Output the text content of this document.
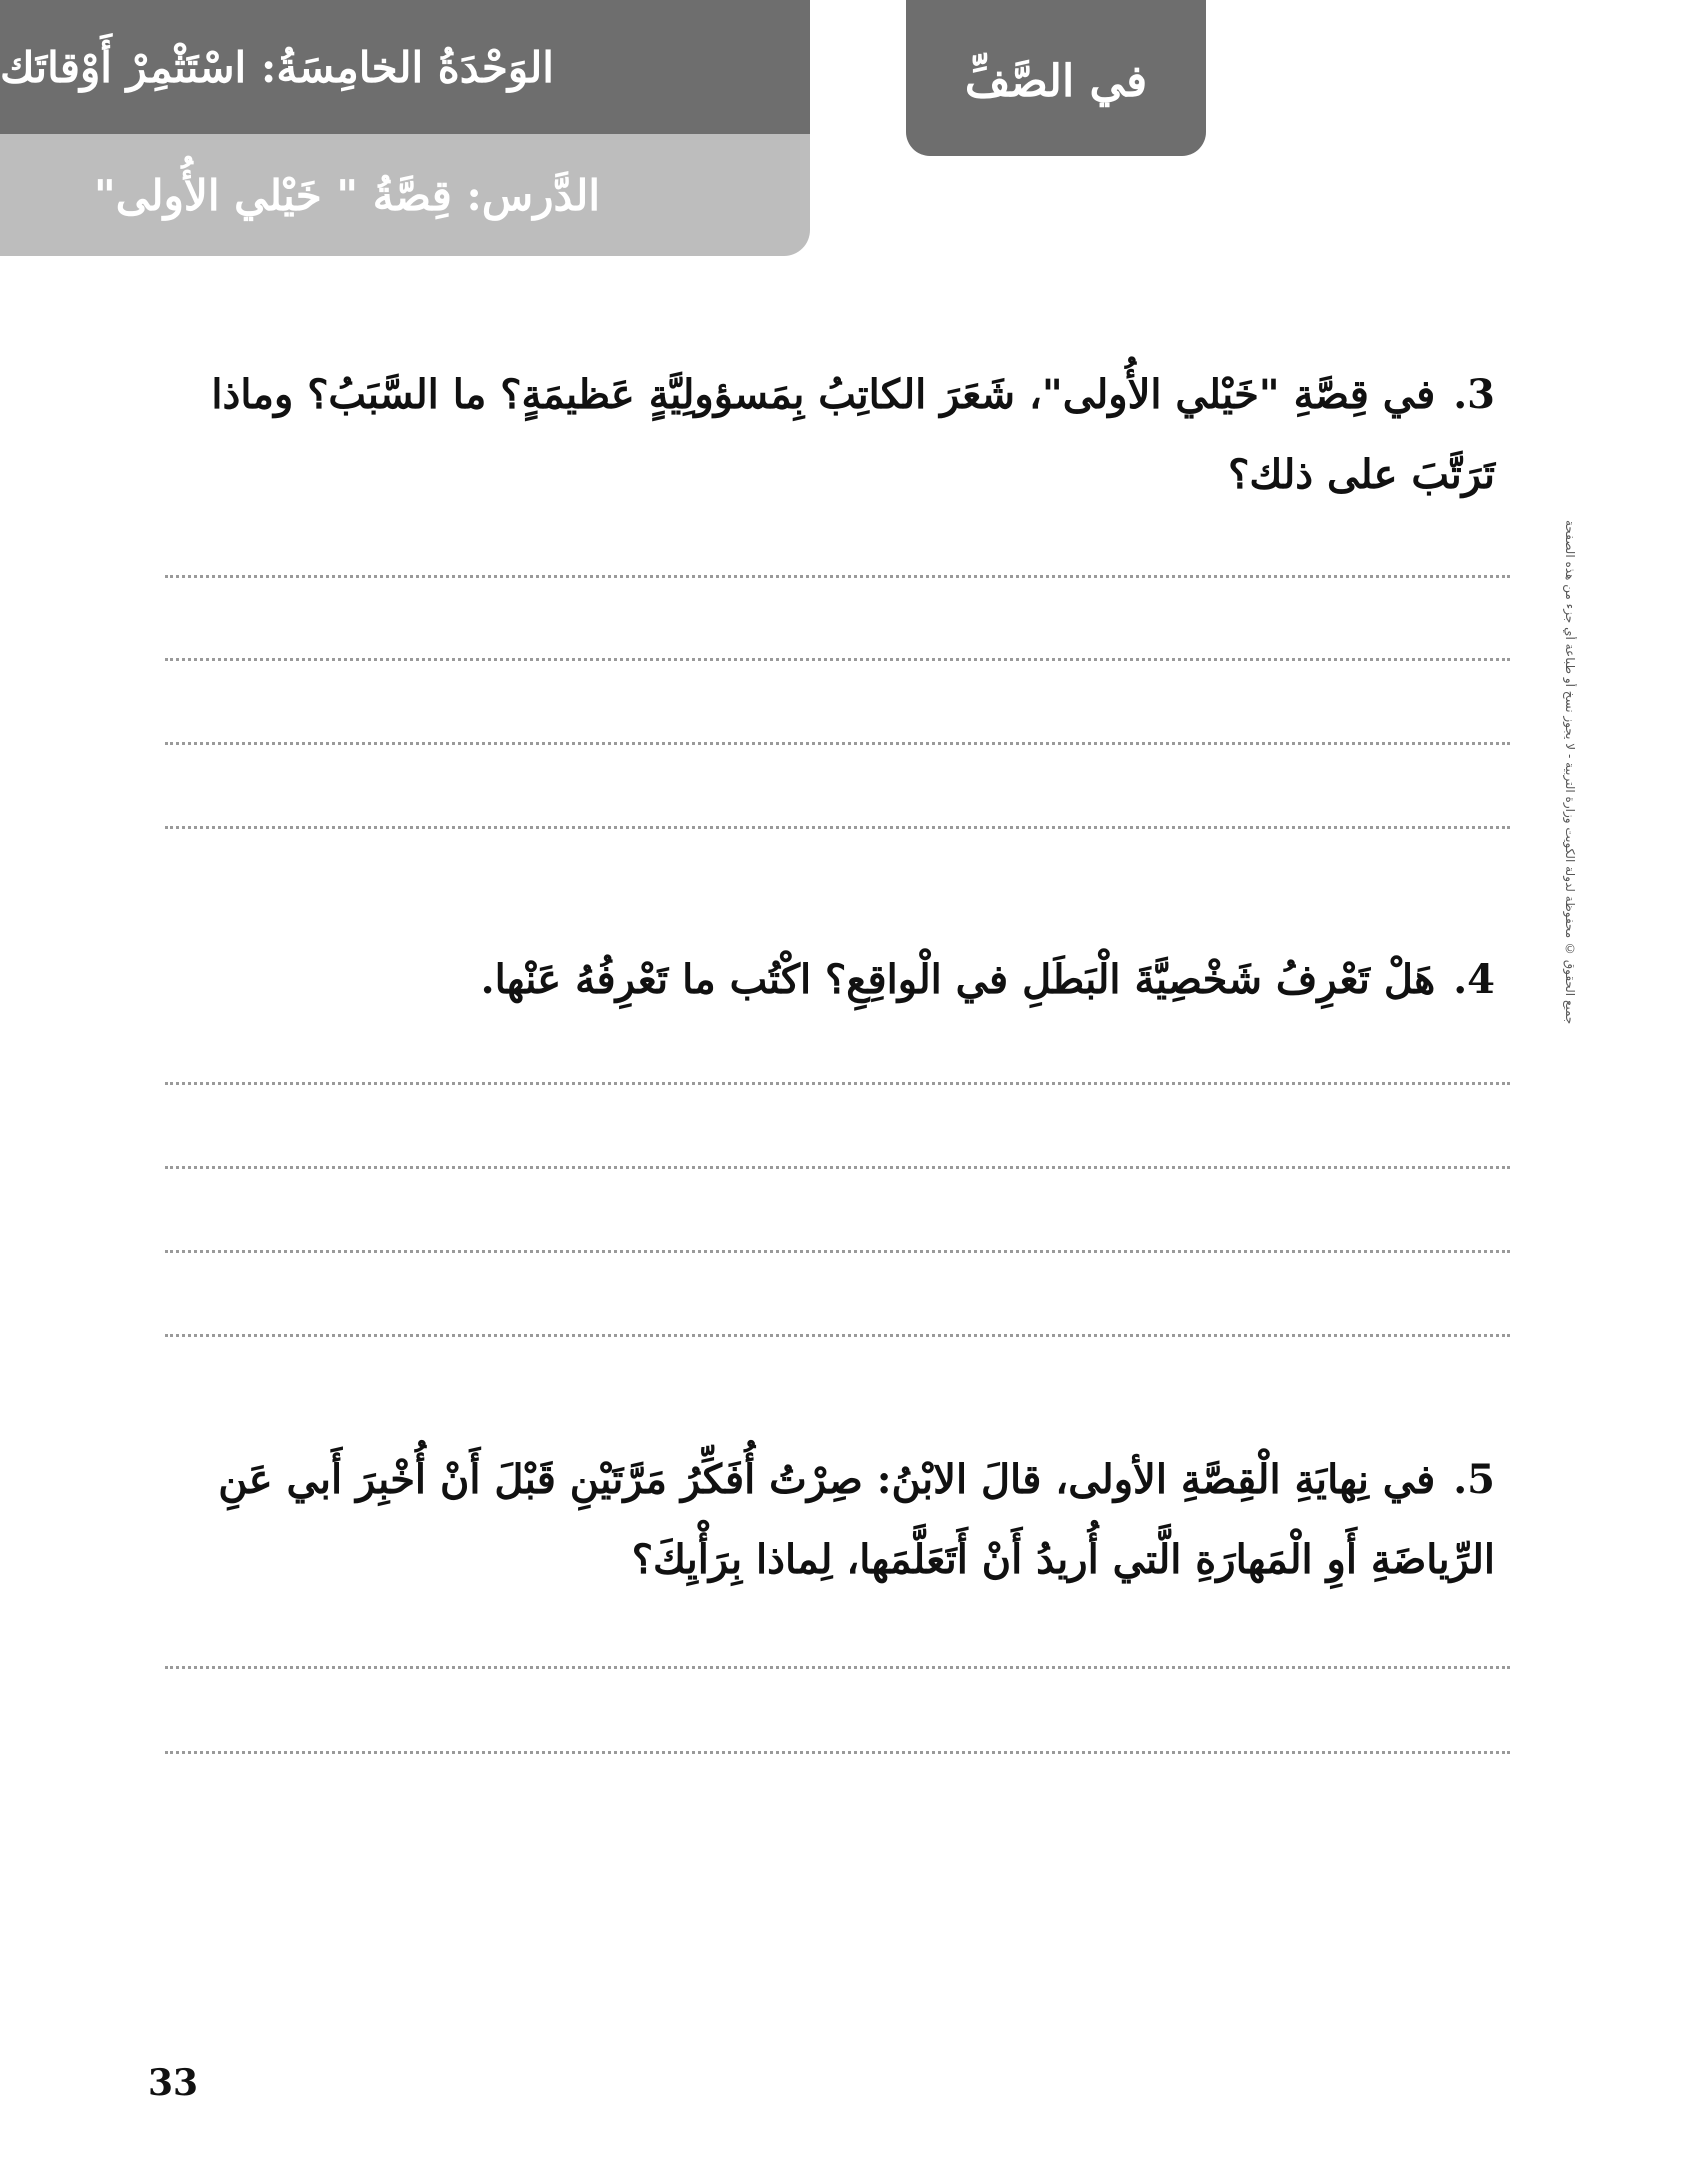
الوَحْدَةُ الخامِسَةُ: اسْتَثْمِرْ أَوْقاتَك
الدَّرس: قِصَّةُ " خَيْلي الأُولى"
في الصَّفِّ
3.في قِصَّةِ "خَيْلي الأُولى"، شَعَرَ الكاتِبُ بِمَسؤولِيَّةٍ عَظيمَةٍ؟ ما السَّبَبُ؟ وماذا تَرَتَّبَ على ذلك؟
4.هَلْ تَعْرِفُ شَخْصِيَّةَ الْبَطَلِ في الْواقِعِ؟ اكْتُب ما تَعْرِفُهُ عَنْها.
5.في نِهايَةِ الْقِصَّةِ الأولى، قالَ الابْنُ: صِرْتُ أُفَكِّرُ مَرَّتَيْنِ قَبْلَ أَنْ أُخْبِرَ أَبي عَنِ الرِّياضَةِ أَوِ الْمَهارَةِ الَّتي أُريدُ أَنْ أَتَعَلَّمَها، لِماذا بِرَأْيِكَ؟
جميع الحقوق © محفوظة لدولة الكويت وزارة التربية - لا يجوز نسخ أو طباعة أي جزء من هذه الصفحة
33
